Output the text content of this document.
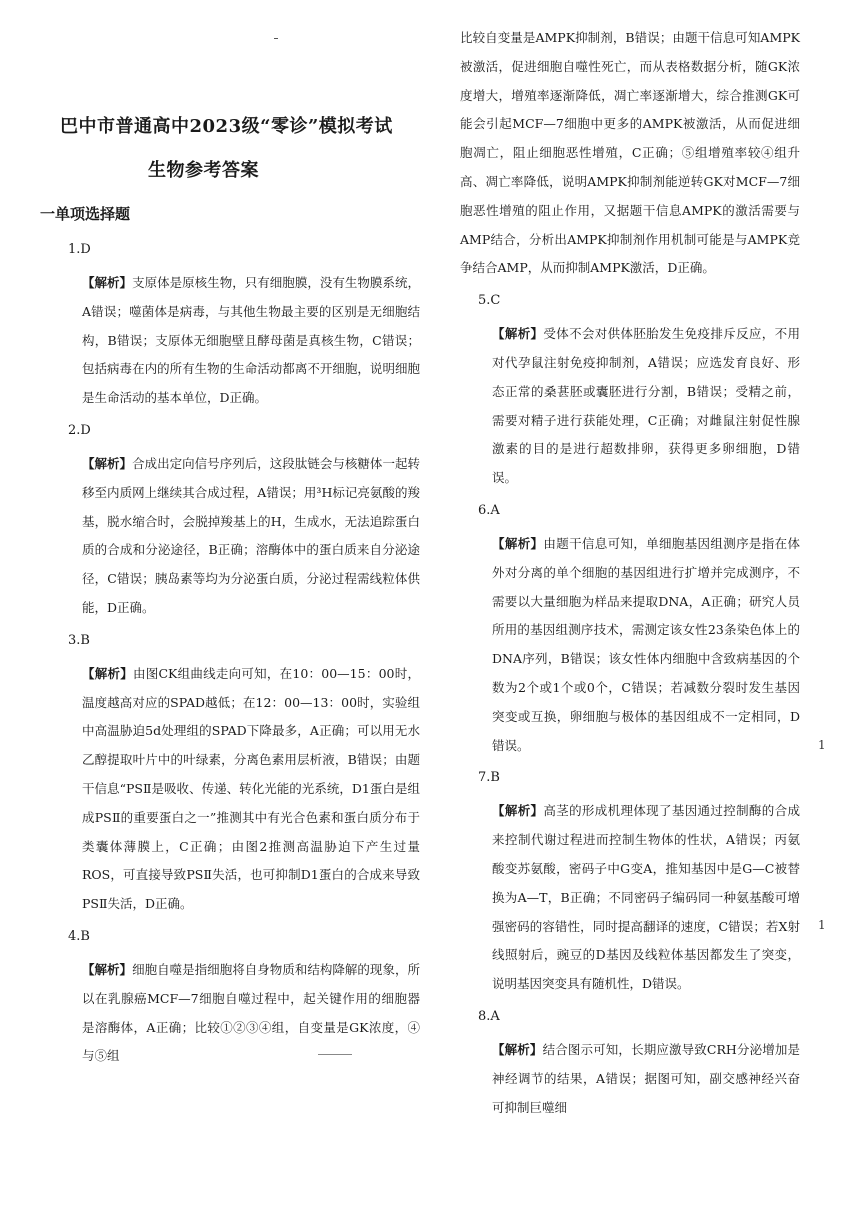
巴中市普通高中2023级“零诊”模拟考试
生物参考答案
一单项选择题
1.D

【解析】支原体是原核生物，只有细胞膜，没有生物膜系统，A错误；噬菌体是病毒，与其他生物最主要的区别是无细胞结构，B错误；支原体无细胞壁且酵母菌是真核生物，C错误；包括病毒在内的所有生物的生命活动都离不开细胞，说明细胞是生命活动的基本单位，D正确。

2.D

【解析】合成出定向信号序列后，这段肽链会与核糖体一起转移至内质网上继续其合成过程，A错误；用³H标记亮氨酸的羧基，脱水缩合时，会脱掉羧基上的H，生成水，无法追踪蛋白质的合成和分泌途径，B正确；溶酶体中的蛋白质来自分泌途径，C错误；胰岛素等均为分泌蛋白质，分泌过程需线粒体供能，D正确。

3.B

【解析】由图CK组曲线走向可知，在10：00—15：00时，温度越高对应的SPAD越低；在12：00—13：00时，实验组中高温胁迫5d处理组的SPAD下降最多，A正确；可以用无水乙醇提取叶片中的叶绿素，分离色素用层析液，B错误；由题干信息“PSⅡ是吸收、传递、转化光能的光系统，D1蛋白是组成PSⅡ的重要蛋白之一”推测其中有光合色素和蛋白质分布于类囊体薄膜上，C正确；由图2推测高温胁迫下产生过量ROS，可直接导致PSⅡ失活，也可抑制D1蛋白的合成来导致PSⅡ失活，D正确。

4.B

【解析】细胞自噬是指细胞将自身物质和结构降解的现象，所以在乳腺癌MCF—7细胞自噬过程中，起关键作用的细胞器是溶酶体，A正确；比较①②③④组，自变量是GK浓度，④与⑤组

比较自变量是AMPK抑制剂，B错误；由题干信息可知AMPK被激活，促进细胞自噬性死亡，而从表格数据分析，随GK浓度增大，增殖率逐渐降低，凋亡率逐渐增大，综合推测GK可能会引起MCF—7细胞中更多的AMPK被激活，从而促进细胞凋亡，阻止细胞恶性增殖，C正确；⑤组增殖率较④组升高、凋亡率降低，说明AMPK抑制剂能逆转GK对MCF—7细胞恶性增殖的阻止作用，又据题干信息AMPK的激活需要与AMP结合，分析出AMPK抑制剂作用机制可能是与AMPK竞争结合AMP，从而抑制AMPK激活，D正确。

5.C

【解析】受体不会对供体胚胎发生免疫排斥反应，不用对代孕鼠注射免疫抑制剂，A错误；应选发育良好、形态正常的桑葚胚或囊胚进行分割，B错误；受精之前，需要对精子进行获能处理，C正确；对雌鼠注射促性腺激素的目的是进行超数排卵，获得更多卵细胞，D错误。

6.A

【解析】由题干信息可知，单细胞基因组测序是指在体外对分离的单个细胞的基因组进行扩增并完成测序，不需要以大量细胞为样品来提取DNA，A正确；研究人员所用的基因组测序技术，需测定该女性23条染色体上的DNA序列，B错误；该女性体内细胞中含致病基因的个数为2个或1个或0个，C错误；若减数分裂时发生基因突变或互换，卵细胞与极体的基因组成不一定相同，D错误。

7.B

【解析】高茎的形成机理体现了基因通过控制酶的合成来控制代谢过程进而控制生物体的性状，A错误；丙氨酸变苏氨酸，密码子中G变A，推知基因中是G—C被替换为A—T，B正确；不同密码子编码同一种氨基酸可增强密码的容错性，同时提高翻译的速度，C错误；若X射线照射后，豌豆的D基因及线粒体基因都发生了突变，说明基因突变具有随机性，D错误。

8.A

【解析】结合图示可知，长期应激导致CRH分泌增加是神经调节的结果，A错误；据图可知，副交感神经兴奋可抑制巨噬细

1
1
